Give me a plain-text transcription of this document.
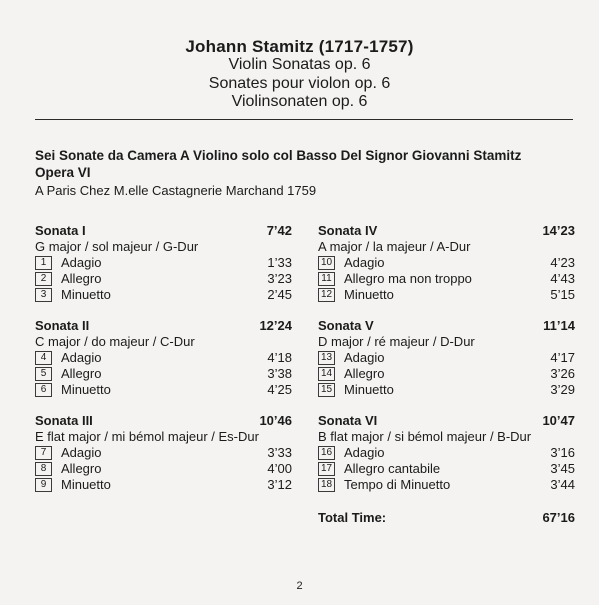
Johann Stamitz (1717-1757)
Violin Sonatas op. 6
Sonates pour violon op. 6
Violinsonaten op. 6
Sei Sonate da Camera A Violino solo col Basso Del Signor Giovanni Stamitz
Opera VI
A Paris Chez M.elle Castagnerie Marchand 1759
Sonata I	7’42
G major / sol majeur / G-Dur
1	Adagio	1’33
2	Allegro	3’23
3	Minuetto	2’45
Sonata II	12’24
C major / do majeur / C-Dur
4	Adagio	4’18
5	Allegro	3’38
6	Minuetto	4’25
Sonata III	10’46
E flat major / mi bémol majeur / Es-Dur
7	Adagio	3’33
8	Allegro	4’00
9	Minuetto	3’12
Sonata IV	14’23
A major / la majeur / A-Dur
10 Adagio	4’23
11 Allegro ma non troppo	4’43
12 Minuetto	5’15
Sonata V	11’14
D major / ré majeur / D-Dur
13 Adagio	4’17
14 Allegro	3’26
15 Minuetto	3’29
Sonata VI	10’47
B flat major / si bémol majeur / B-Dur
16 Adagio	3’16
17 Allegro cantabile	3’45
18 Tempo di Minuetto	3’44
Total Time:	67’16
2
